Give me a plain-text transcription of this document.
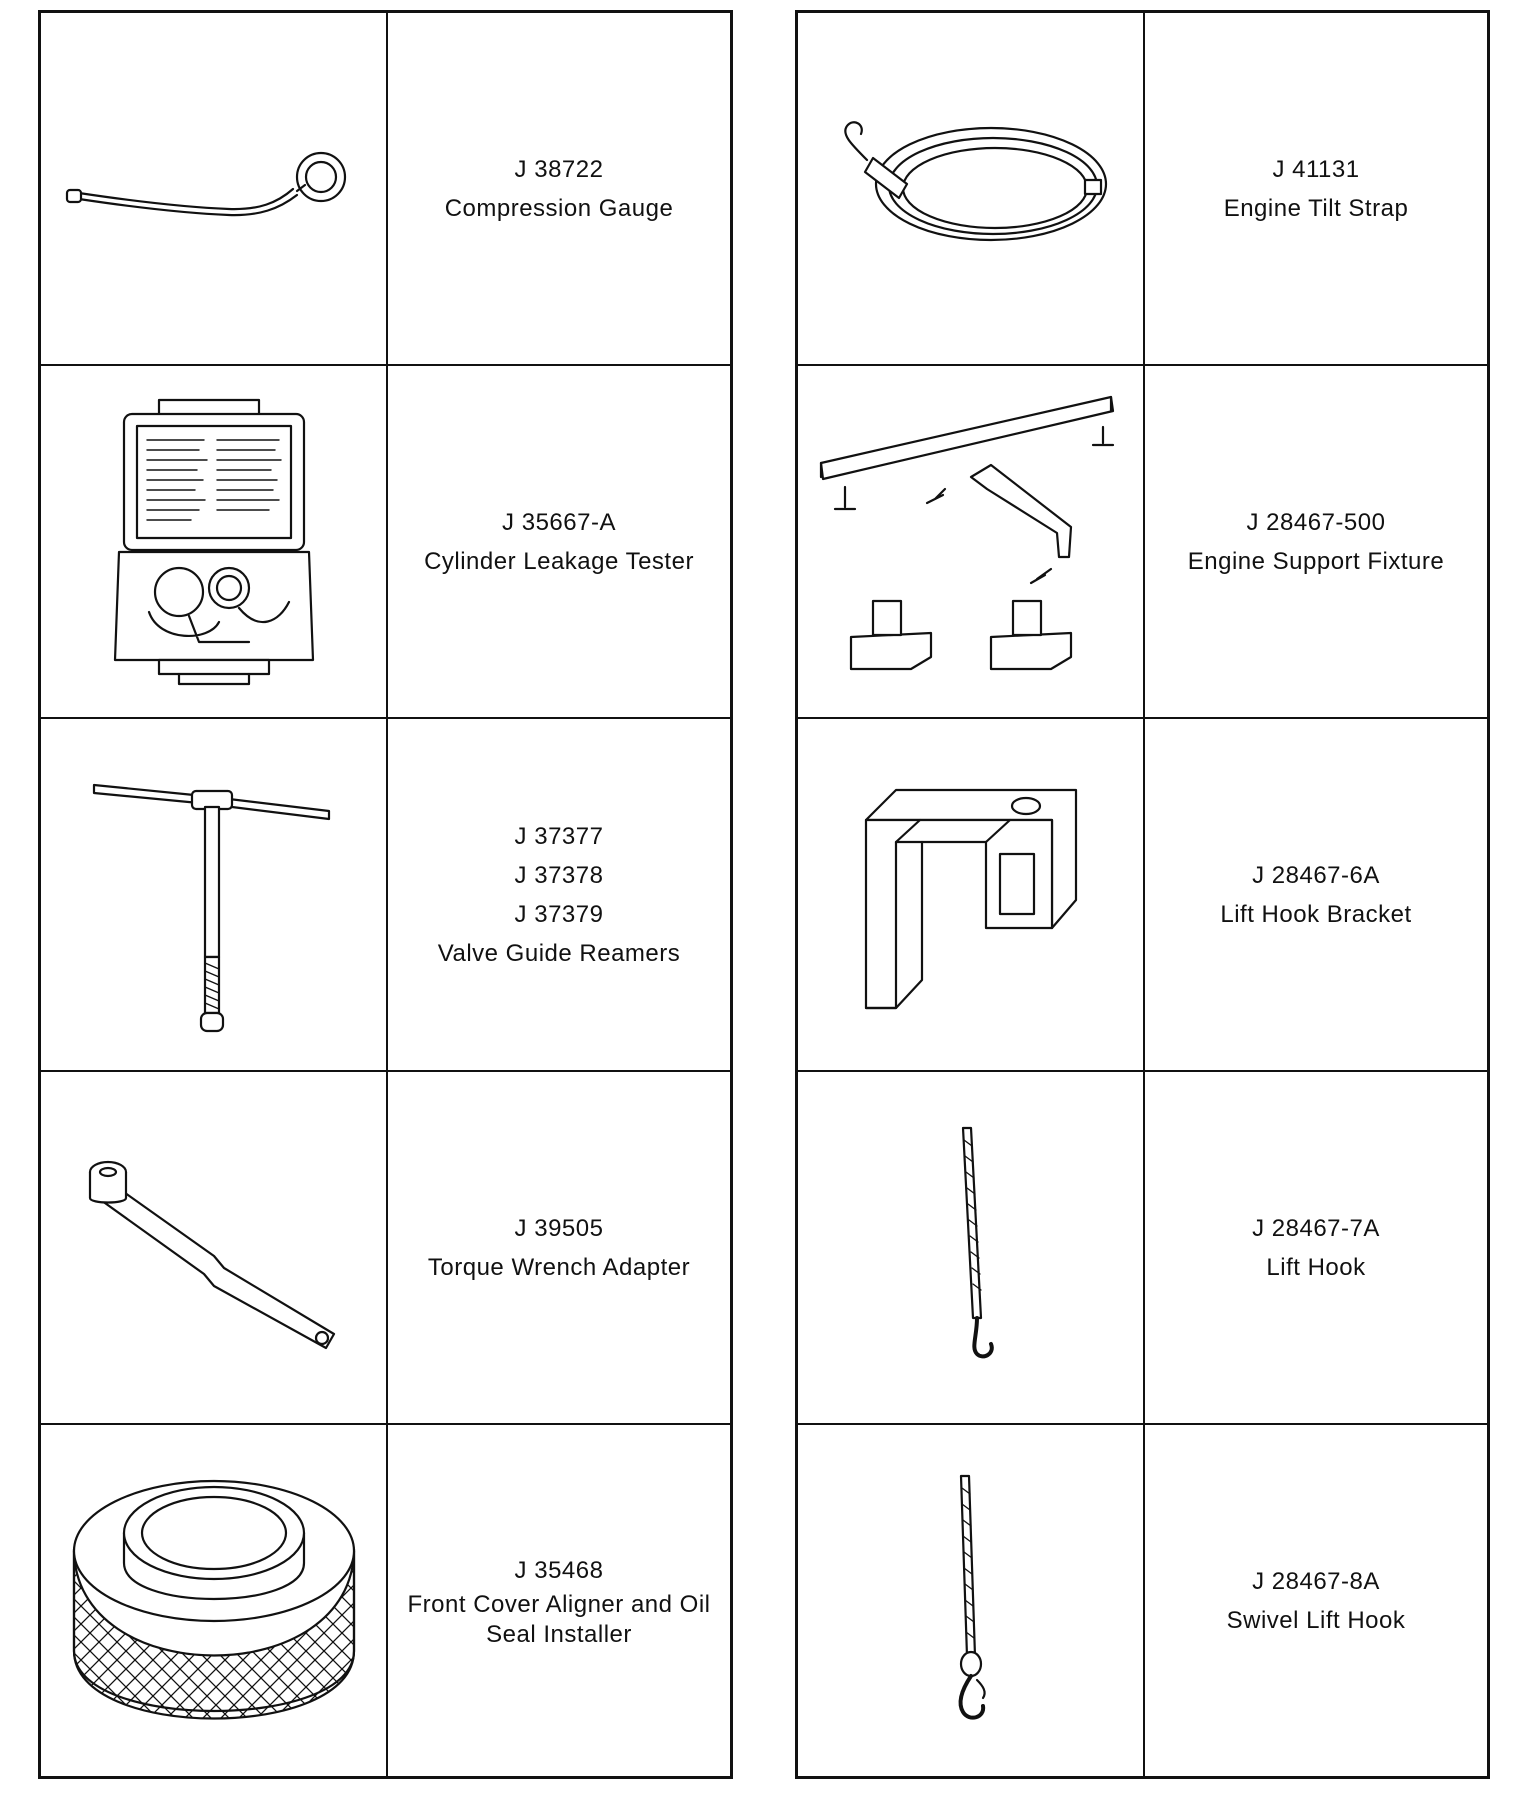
J 38722
Compression Gauge

J 35667-A
Cylinder Leakage Tester

J 37377
J 37378
J 37379
Valve Guide Reamers

J 39505
Torque Wrench Adapter

J 35468
Front Cover Aligner and Oil
Seal Installer

J 41131
Engine Tilt Strap

J 28467-500
Engine Support Fixture

J 28467-6A
Lift Hook Bracket

J 28467-7A
Lift Hook

J 28467-8A
Swivel Lift Hook
